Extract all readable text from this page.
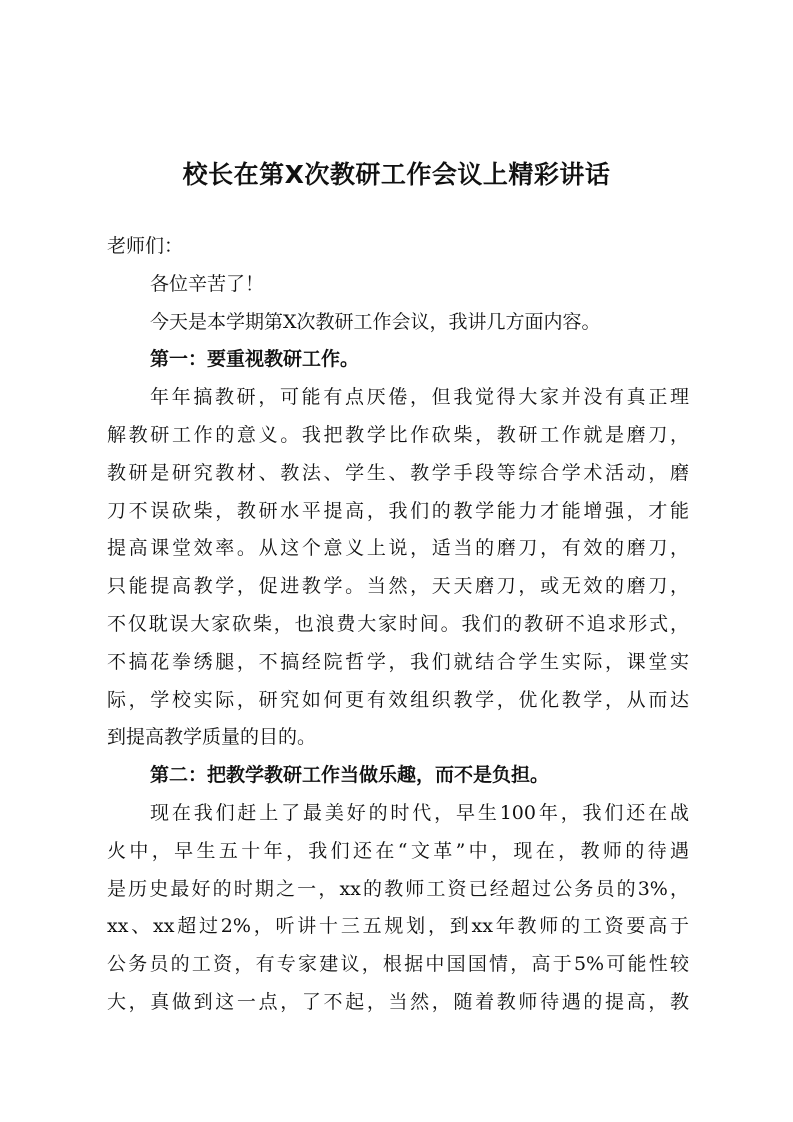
校长在第X次教研工作会议上精彩讲话
老师们：
各位辛苦了！
今天是本学期第X次教研工作会议，我讲几方面内容。
第一：要重视教研工作。
年年搞教研，可能有点厌倦，但我觉得大家并没有真正理
解教研工作的意义。我把教学比作砍柴，教研工作就是磨刀，
教研是研究教材、教法、学生、教学手段等综合学术活动，磨
刀不误砍柴，教研水平提高，我们的教学能力才能增强，才能
提高课堂效率。从这个意义上说，适当的磨刀，有效的磨刀，
只能提高教学，促进教学。当然，天天磨刀，或无效的磨刀，
不仅耽误大家砍柴，也浪费大家时间。我们的教研不追求形式，
不搞花拳绣腿，不搞经院哲学，我们就结合学生实际，课堂实
际，学校实际，研究如何更有效组织教学，优化教学，从而达
到提高教学质量的目的。
第二：把教学教研工作当做乐趣，而不是负担。
现在我们赶上了最美好的时代，早生100年，我们还在战
火中，早生五十年，我们还在“文革”中，现在，教师的待遇
是历史最好的时期之一，xx的教师工资已经超过公务员的3%，
xx、xx超过2%，听讲十三五规划，到xx年教师的工资要高于
公务员的工资，有专家建议，根据中国国情，高于5%可能性较
大，真做到这一点，了不起，当然，随着教师待遇的提高，教
